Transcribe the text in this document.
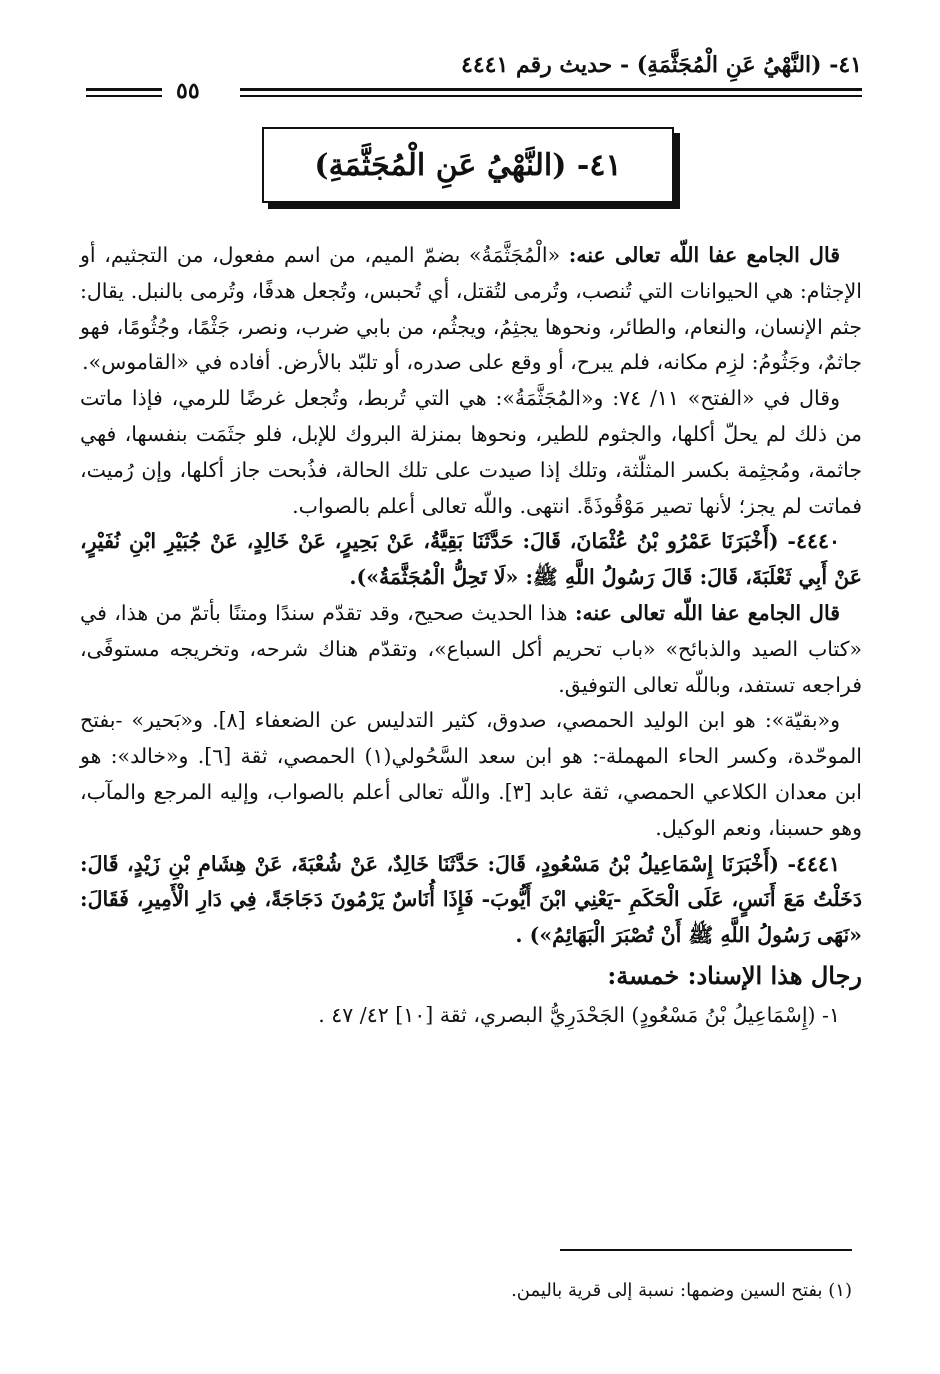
٤١- (النَّهْيُ عَنِ الْمُجَثَّمَةِ) - حديث رقم ٤٤٤١
٥٥
٤١- (النَّهْيُ عَنِ الْمُجَثَّمَةِ)

قال الجامع عفا اللّه تعالى عنه: «الْمُجَثَّمَةُ» بضمّ الميم، من اسم مفعول، من التجثيم، أو الإجثام: هي الحيوانات التي تُنصب، وتُرمى لتُقتل، أي تُحبس، وتُجعل هدفًا، وتُرمى بالنبل. يقال: جثم الإنسان، والنعام، والطائر، ونحوها يجثِمُ، ويجثُم، من بابي ضرب، ونصر، جَثْمًا، وجُثُومًا، فهو جاثمٌ، وجَثُومُ: لزِم مكانه، فلم يبرح، أو وقع على صدره، أو تلبّد بالأرض. أفاده في «القاموس».

وقال في «الفتح» ١١/ ٧٤: و«المُجَثَّمَةُ»: هي التي تُربط، وتُجعل غرضًا للرمي، فإذا ماتت من ذلك لم يحلّ أكلها، والجثوم للطير، ونحوها بمنزلة البروك للإبل، فلو جثَمَت بنفسها، فهي جاثمة، ومُجثِمة بكسر المثلّثة، وتلك إذا صيدت على تلك الحالة، فذُبحت جاز أكلها، وإن رُميت، فماتت لم يجز؛ لأنها تصير مَوْقُوذَةً. انتهى. واللّه تعالى أعلم بالصواب.

٤٤٤٠- (أَخْبَرَنَا عَمْرُو بْنُ عُثْمَانَ، قَالَ: حَدَّثَنَا بَقِيَّةُ، عَنْ بَحِيرٍ، عَنْ خَالِدٍ، عَنْ جُبَيْرِ ابْنِ نُفَيْرٍ، عَنْ أَبِي ثَعْلَبَةَ، قَالَ: قَالَ رَسُولُ اللَّهِ ﷺ: «لَا تَحِلُّ الْمُجَثَّمَةُ»).

قال الجامع عفا اللّه تعالى عنه: هذا الحديث صحيح، وقد تقدّم سندًا ومتنًا بأتمّ من هذا، في «كتاب الصيد والذبائح» «باب تحريم أكل السباع»، وتقدّم هناك شرحه، وتخريجه مستوفًى، فراجعه تستفد، وباللّه تعالى التوفيق.

و«بقيّة»: هو ابن الوليد الحمصي، صدوق، كثير التدليس عن الضعفاء [٨]. و«بَحير» -بفتح الموحّدة، وكسر الحاء المهملة-: هو ابن سعد السَّحُولي(١) الحمصي، ثقة [٦]. و«خالد»: هو ابن معدان الكلاعي الحمصي، ثقة عابد [٣]. واللّه تعالى أعلم بالصواب، وإليه المرجع والمآب، وهو حسبنا، ونعم الوكيل.

٤٤٤١- (أَخْبَرَنَا إِسْمَاعِيلُ بْنُ مَسْعُودٍ، قَالَ: حَدَّثَنَا خَالِدٌ، عَنْ شُعْبَةَ، عَنْ هِشَامِ بْنِ زَيْدٍ، قَالَ: دَخَلْتُ مَعَ أَنَسٍ، عَلَى الْحَكَمِ -يَعْنِي ابْنَ أَيُّوبَ- فَإِذَا أُنَاسٌ يَرْمُونَ دَجَاجَةً، فِي دَارِ الْأَمِيرِ، فَقَالَ: «نَهَى رَسُولُ اللَّهِ ﷺ أَنْ تُصْبَرَ الْبَهَائِمُ») .

رجال هذا الإسناد: خمسة:

١- (إِسْمَاعِيلُ بْنُ مَسْعُودٍ) الجَحْدَرِيُّ البصري، ثقة [١٠] ٤٢/ ٤٧ .

(١) بفتح السين وضمها: نسبة إلى قرية باليمن.
